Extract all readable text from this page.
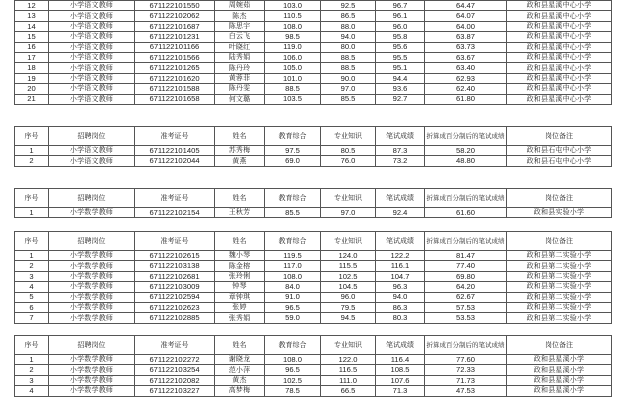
12	小学语文教师	671122101550	周婉茹	103.0	92.5	96.7	64.47	政和县星溪中心小学
13	小学语文教师	671122102062	陈杰	110.5	86.5	96.1	64.07	政和县星溪中心小学
14	小学语文教师	671122101687	陈思宇	108.0	88.0	96.0	64.00	政和县星溪中心小学
15	小学语文教师	671122101231	白云飞	98.5	94.0	95.8	63.87	政和县星溪中心小学
16	小学语文教师	671122101166	叶晓红	119.0	80.0	95.6	63.73	政和县星溪中心小学
17	小学语文教师	671122101566	陆秀娟	106.0	88.5	95.5	63.67	政和县星溪中心小学
18	小学语文教师	671122101265	陈丹玲	105.0	88.5	95.1	63.40	政和县星溪中心小学
19	小学语文教师	671122101620	黄蓉菲	101.0	90.0	94.4	62.93	政和县星溪中心小学
20	小学语文教师	671122101588	陈丹雯	88.5	97.0	93.6	62.40	政和县星溪中心小学
21	小学语文教师	671122101658	何文璐	103.5	85.5	92.7	61.80	政和县星溪中心小学
序号	招聘岗位	准考证号	姓名	教育综合	专业知识	笔试成绩	折算成百分制后的笔试成绩	岗位备注
1	小学语文教师	671122101405	苏秀梅	97.5	80.5	87.3	58.20	政和县石屯中心小学
2	小学语文教师	671122102044	黄燕	69.0	76.0	73.2	48.80	政和县石屯中心小学
序号	招聘岗位	准考证号	姓名	教育综合	专业知识	笔试成绩	折算成百分制后的笔试成绩	岗位备注
1	小学数学教师	671122102154	王秋芳	85.5	97.0	92.4	61.60	政和县实验小学
序号	招聘岗位	准考证号	姓名	教育综合	专业知识	笔试成绩	折算成百分制后的笔试成绩	岗位备注
1	小学数学教师	671122102615	魏小琴	119.5	124.0	122.2	81.47	政和县第二实验小学
2	小学数学教师	671122103138	陈金榕	117.0	115.5	116.1	77.40	政和县第二实验小学
3	小学数学教师	671122102681	张玲俐	108.0	102.5	104.7	69.80	政和县第二实验小学
4	小学数学教师	671122103009	钟琴	84.0	104.5	96.3	64.20	政和县第二实验小学
5	小学数学教师	671122102594	章钟琪	91.0	96.0	94.0	62.67	政和县第二实验小学
6	小学数学教师	671122102623	张婷	96.5	79.5	86.3	57.53	政和县第二实验小学
7	小学数学教师	671122102885	张秀娟	59.0	94.5	80.3	53.53	政和县第二实验小学
序号	招聘岗位	准考证号	姓名	教育综合	专业知识	笔试成绩	折算成百分制后的笔试成绩	岗位备注
1	小学数学教师	671122102272	谢晓龙	108.0	122.0	116.4	77.60	政和县星溪小学
2	小学数学教师	671122103254	范小萍	96.5	116.5	108.5	72.33	政和县星溪小学
3	小学数学教师	671122102082	黄杰	102.5	111.0	107.6	71.73	政和县星溪小学
4	小学数学教师	671122103227	高梦梅	78.5	66.5	71.3	47.53	政和县星溪小学
